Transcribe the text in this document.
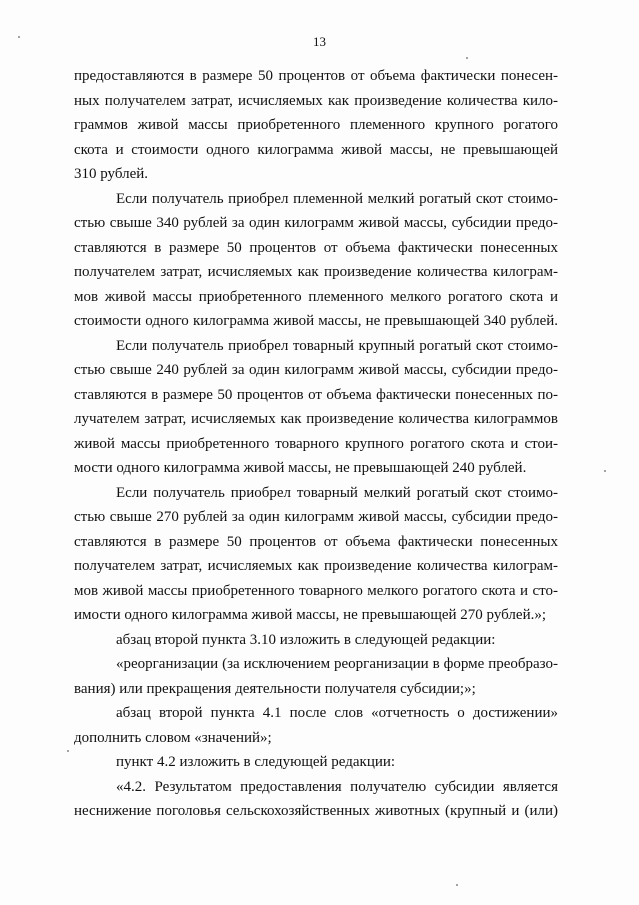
13
предоставляются в размере 50 процентов от объема фактически понесен-
ных получателем затрат, исчисляемых как произведение количества кило-
граммов живой массы приобретенного племенного крупного рогатого
скота и стоимости одного килограмма живой массы, не превышающей
310 рублей.
Если получатель приобрел племенной мелкий рогатый скот стоимо-
стью свыше 340 рублей за один килограмм живой массы, субсидии предо-
ставляются в размере 50 процентов от объема фактически понесенных
получателем затрат, исчисляемых как произведение количества килограм-
мов живой массы приобретенного племенного мелкого рогатого скота и
стоимости одного килограмма живой массы, не превышающей 340 рублей.
Если получатель приобрел товарный крупный рогатый скот стоимо-
стью свыше 240 рублей за один килограмм живой массы, субсидии предо-
ставляются в размере 50 процентов от объема фактически понесенных по-
лучателем затрат, исчисляемых как произведение количества килограммов
живой массы приобретенного товарного крупного рогатого скота и стои-
мости одного килограмма живой массы, не превышающей 240 рублей.
Если получатель приобрел товарный мелкий рогатый скот стоимо-
стью свыше 270 рублей за один килограмм живой массы, субсидии предо-
ставляются в размере 50 процентов от объема фактически понесенных
получателем затрат, исчисляемых как произведение количества килограм-
мов живой массы приобретенного товарного мелкого рогатого скота и сто-
имости одного килограмма живой массы, не превышающей 270 рублей.»;
абзац второй пункта 3.10 изложить в следующей редакции:
«реорганизации (за исключением реорганизации в форме преобразо-
вания) или прекращения деятельности получателя субсидии;»;
абзац второй пункта 4.1 после слов «отчетность о достижении»
дополнить словом «значений»;
пункт 4.2 изложить в следующей редакции:
«4.2. Результатом предоставления получателю субсидии является
неснижение поголовья сельскохозяйственных животных (крупный и (или)
